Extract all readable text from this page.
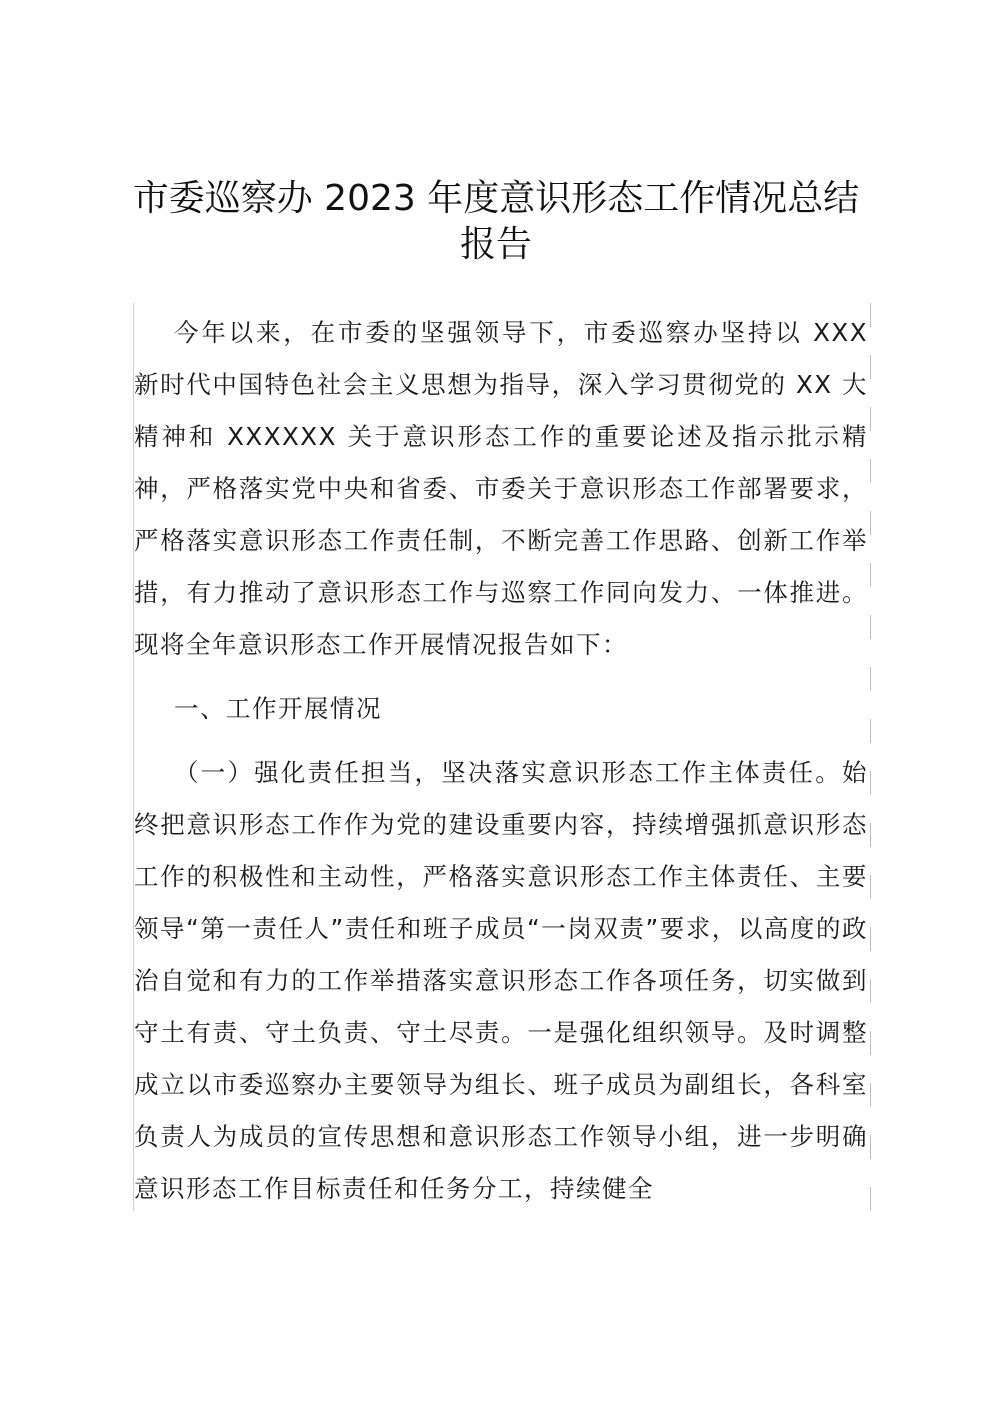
市委巡察办 2023 年度意识形态工作情况总结
报告

今年以来，在市委的坚强领导下，市委巡察办坚持以 XXX 新时代中国特色社会主义思想为指导，深入学习贯彻党的 XX 大精神和 XXXXXX 关于意识形态工作的重要论述及指示批示精神，严格落实党中央和省委、市委关于意识形态工作部署要求，严格落实意识形态工作责任制，不断完善工作思路、创新工作举措，有力推动了意识形态工作与巡察工作同向发力、一体推进。现将全年意识形态工作开展情况报告如下：

一、工作开展情况

（一）强化责任担当，坚决落实意识形态工作主体责任。始终把意识形态工作作为党的建设重要内容，持续增强抓意识形态工作的积极性和主动性，严格落实意识形态工作主体责任、主要领导“第一责任人”责任和班子成员“一岗双责”要求，以高度的政治自觉和有力的工作举措落实意识形态工作各项任务，切实做到守土有责、守土负责、守土尽责。一是强化组织领导。及时调整成立以市委巡察办主要领导为组长、班子成员为副组长，各科室负责人为成员的宣传思想和意识形态工作领导小组，进一步明确意识形态工作目标责任和任务分工，持续健全
